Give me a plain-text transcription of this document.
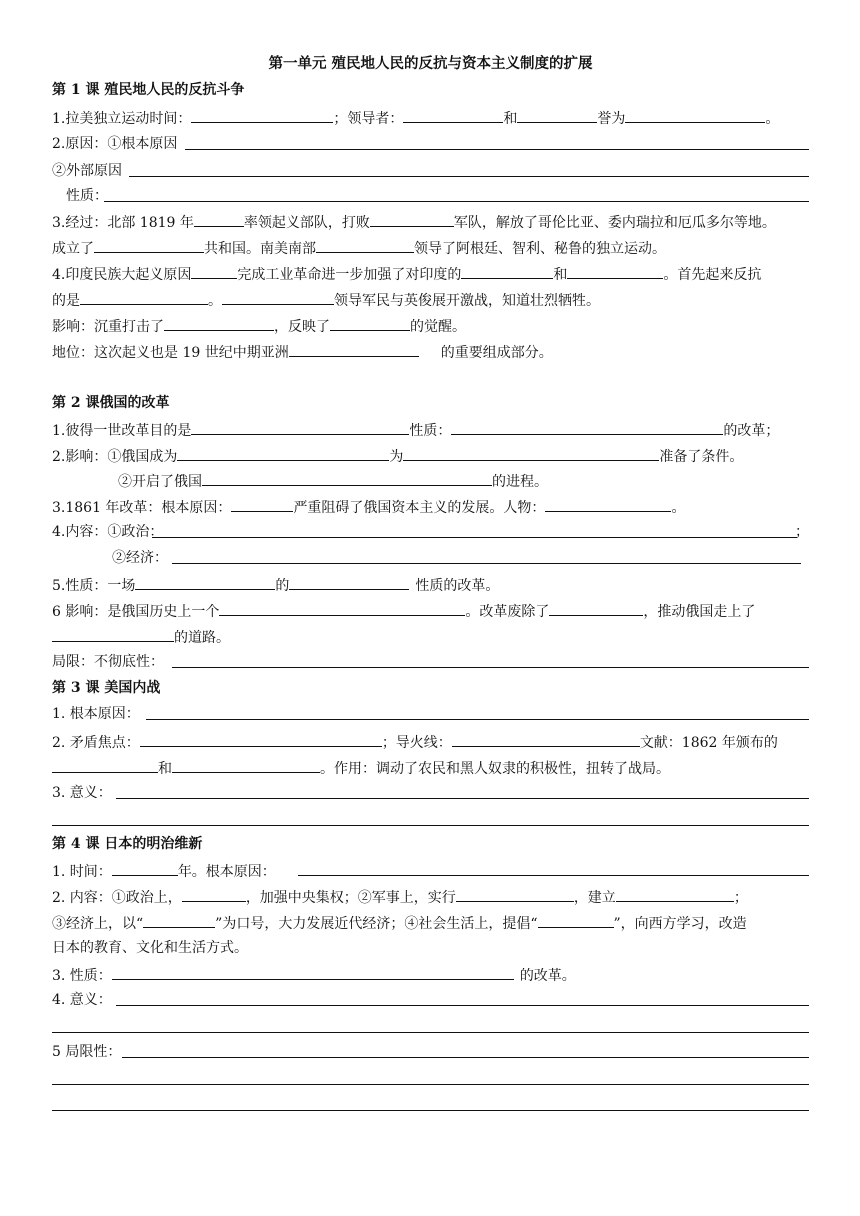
第一单元 殖民地人民的反抗与资本主义制度的扩展
第 1 课 殖民地人民的反抗斗争
1.拉美独立运动时间：	；领导者：	和	誉为	。
2.原因：①根本原因
②外部原因
性质：
3.经过：北部 1819 年	率领起义部队，打败	军队，解放了哥伦比亚、委内瑞拉和厄瓜多尔等地。
成立了	共和国。南美南部	领导了阿根廷、智利、秘鲁的独立运动。
4.印度民族大起义原因	完成工业革命进一步加强了对印度的	和	。首先起来反抗
的是	。	领导军民与英俊展开激战，知道壮烈牺牲。
影响：沉重打击了	，反映了	的觉醒。
地位：这次起义也是 19 世纪中期亚洲	的重要组成部分。
第 2 课俄国的改革
1.彼得一世改革目的是	性质：	的改革；
2.影响：①俄国成为	为	准备了条件。
②开启了俄国	的进程。
3.1861 年改革：根本原因：	严重阻碍了俄国资本主义的发展。人物：	。
4.内容：①政治：	；
②经济：
5.性质：一场	的	性质的改革。
6 影响：是俄国历史上一个	。改革废除了	，推动俄国走上了
的道路。
局限：不彻底性：
第 3 课 美国内战
1. 根本原因：
2. 矛盾焦点：	；导火线：	文献：1862 年颁布的
和	。作用：调动了农民和黑人奴隶的积极性，扭转了战局。
3. 意义：
第 4 课 日本的明治维新
1. 时间：	年。根本原因：
2. 内容：①政治上，	，加强中央集权；②军事上，实行	，建立	；
③经济上，以“	”为口号，大力发展近代经济；④社会生活上，提倡“	”，向西方学习，改造
日本的教育、文化和生活方式。
3. 性质：	的改革。
4. 意义：
5 局限性：
